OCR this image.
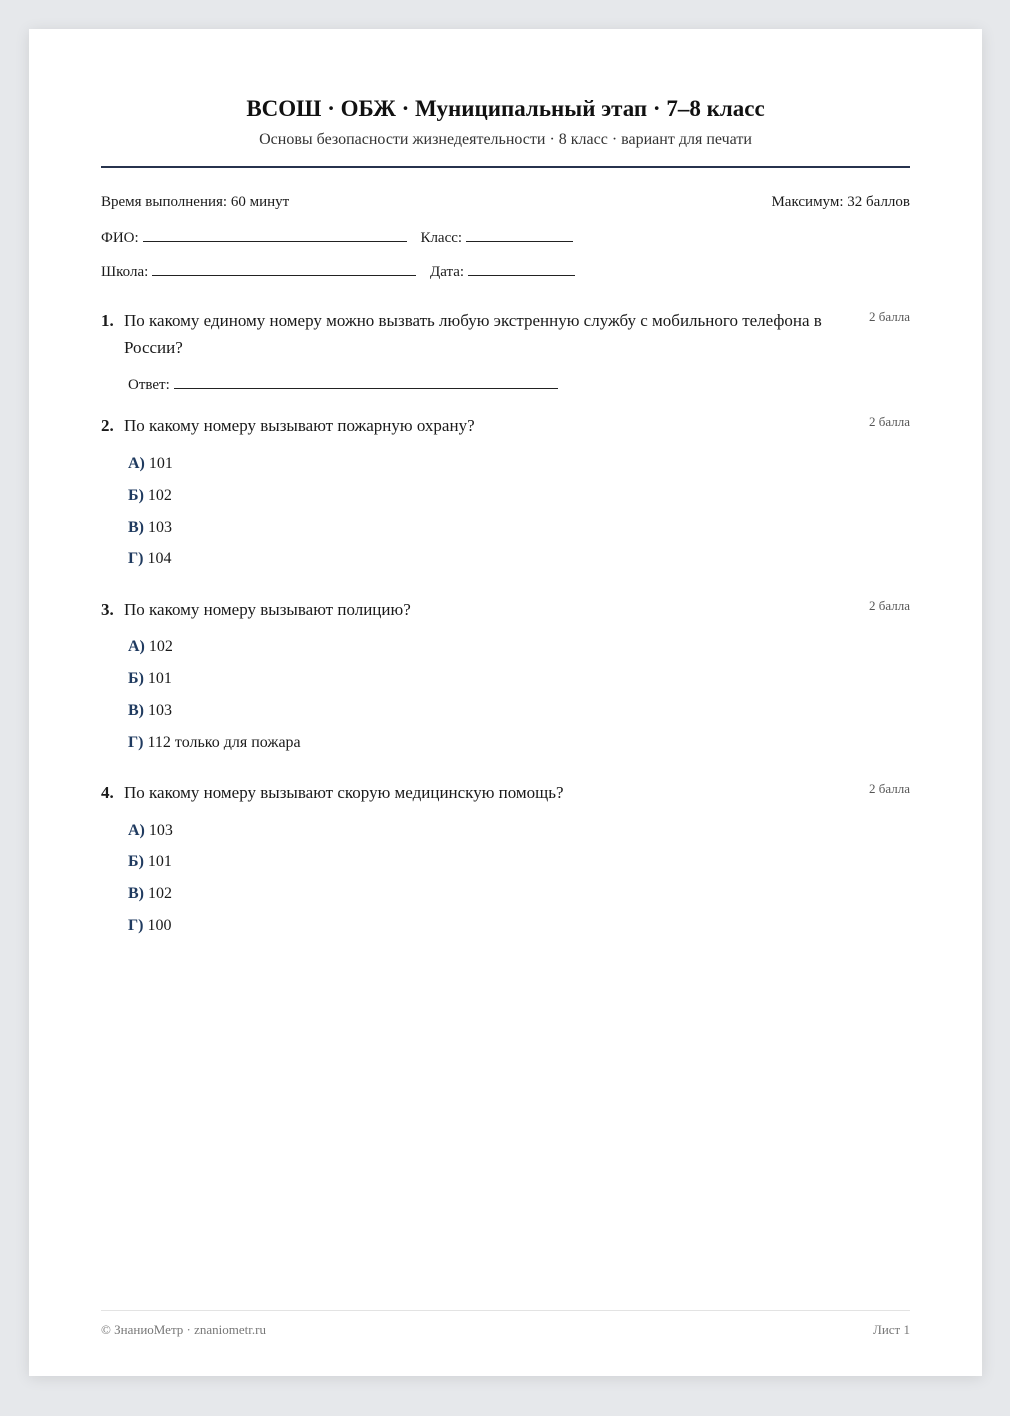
ВСОШ · ОБЖ · Муниципальный этап · 7–8 класс
Основы безопасности жизнедеятельности · 8 класс · вариант для печати
Время выполнения: 60 минут	Максимум: 32 баллов
ФИО:	Класс:
Школа:	Дата:
1. По какому единому номеру можно вызвать любую экстренную службу с мобильного телефона в России?
2 балла
Ответ:
2. По какому номеру вызывают пожарную охрану?	2 балла
А) 101
Б) 102
В) 103
Г) 104
3. По какому номеру вызывают полицию?	2 балла
А) 102
Б) 101
В) 103
Г) 112 только для пожара
4. По какому номеру вызывают скорую медицинскую помощь?	2 балла
А) 103
Б) 101
В) 102
Г) 100
© ЗнаниоМетр · znaniometr.ru	Лист 1
